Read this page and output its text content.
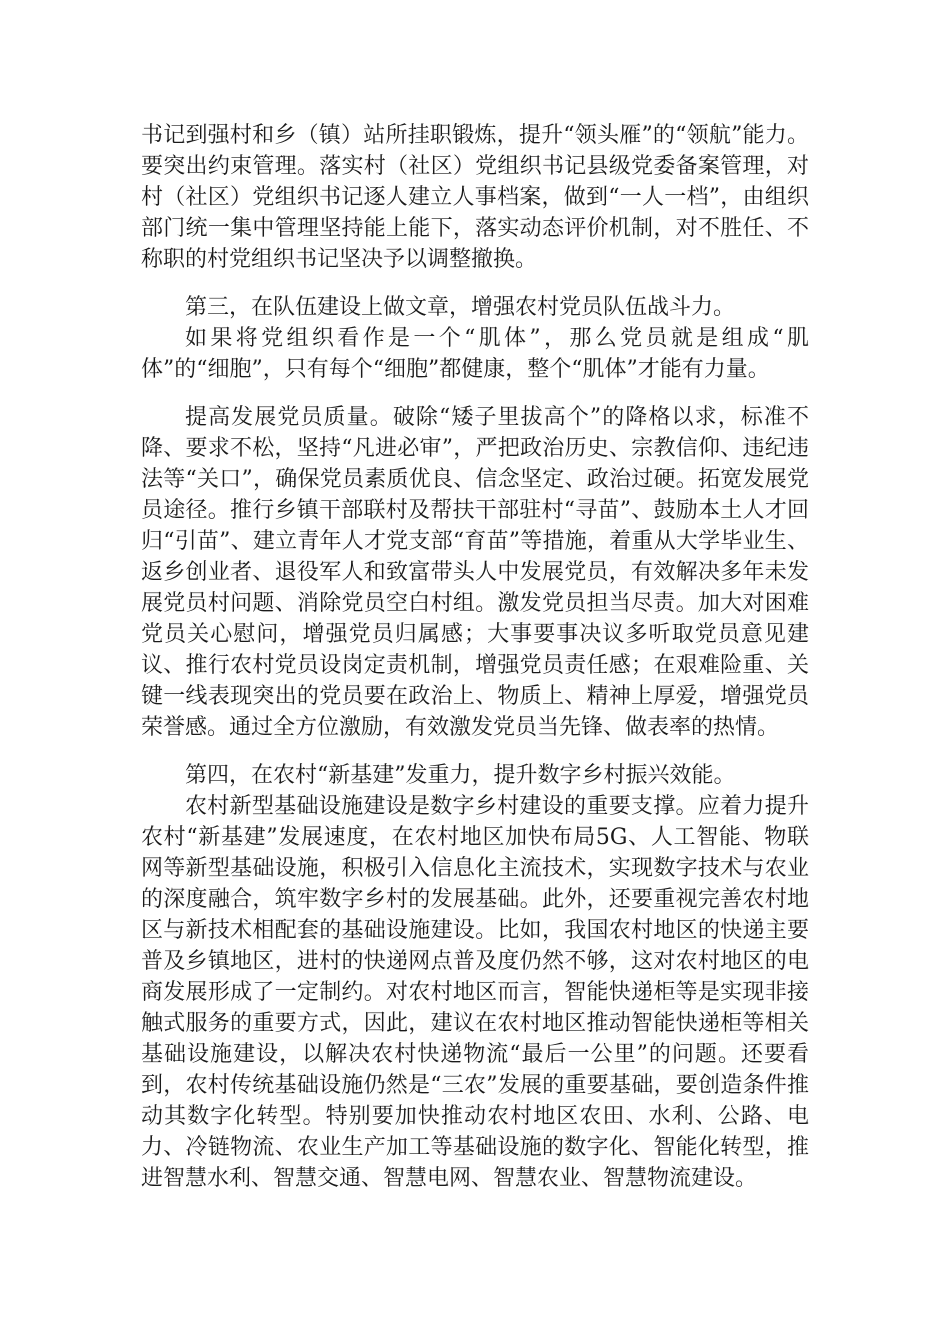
书记到强村和乡（镇）站所挂职锻炼，提升“领头雁”的“领航”能力。要突出约束管理。落实村（社区）党组织书记县级党委备案管理，对村（社区）党组织书记逐人建立人事档案，做到“一人一档”，由组织部门统一集中管理坚持能上能下，落实动态评价机制，对不胜任、不称职的村党组织书记坚决予以调整撤换。

第三，在队伍建设上做文章，增强农村党员队伍战斗力。

如果将党组织看作是一个“肌体”，那么党员就是组成“肌体”的“细胞”，只有每个“细胞”都健康，整个“肌体”才能有力量。

提高发展党员质量。破除“矮子里拔高个”的降格以求，标准不降、要求不松，坚持“凡进必审”，严把政治历史、宗教信仰、违纪违法等“关口”，确保党员素质优良、信念坚定、政治过硬。拓宽发展党员途径。推行乡镇干部联村及帮扶干部驻村“寻苗”、鼓励本土人才回归“引苗”、建立青年人才党支部“育苗”等措施，着重从大学毕业生、返乡创业者、退役军人和致富带头人中发展党员，有效解决多年未发展党员村问题、消除党员空白村组。激发党员担当尽责。加大对困难党员关心慰问，增强党员归属感；大事要事决议多听取党员意见建议、推行农村党员设岗定责机制，增强党员责任感；在艰难险重、关键一线表现突出的党员要在政治上、物质上、精神上厚爱，增强党员荣誉感。通过全方位激励，有效激发党员当先锋、做表率的热情。

第四，在农村“新基建”发重力，提升数字乡村振兴效能。

农村新型基础设施建设是数字乡村建设的重要支撑。应着力提升农村“新基建”发展速度，在农村地区加快布局5G、人工智能、物联网等新型基础设施，积极引入信息化主流技术，实现数字技术与农业的深度融合，筑牢数字乡村的发展基础。此外，还要重视完善农村地区与新技术相配套的基础设施建设。比如，我国农村地区的快递主要普及乡镇地区，进村的快递网点普及度仍然不够，这对农村地区的电商发展形成了一定制约。对农村地区而言，智能快递柜等是实现非接触式服务的重要方式，因此，建议在农村地区推动智能快递柜等相关基础设施建设，以解决农村快递物流“最后一公里”的问题。还要看到，农村传统基础设施仍然是“三农”发展的重要基础，要创造条件推动其数字化转型。特别要加快推动农村地区农田、水利、公路、电力、冷链物流、农业生产加工等基础设施的数字化、智能化转型，推进智慧水利、智慧交通、智慧电网、智慧农业、智慧物流建设。
